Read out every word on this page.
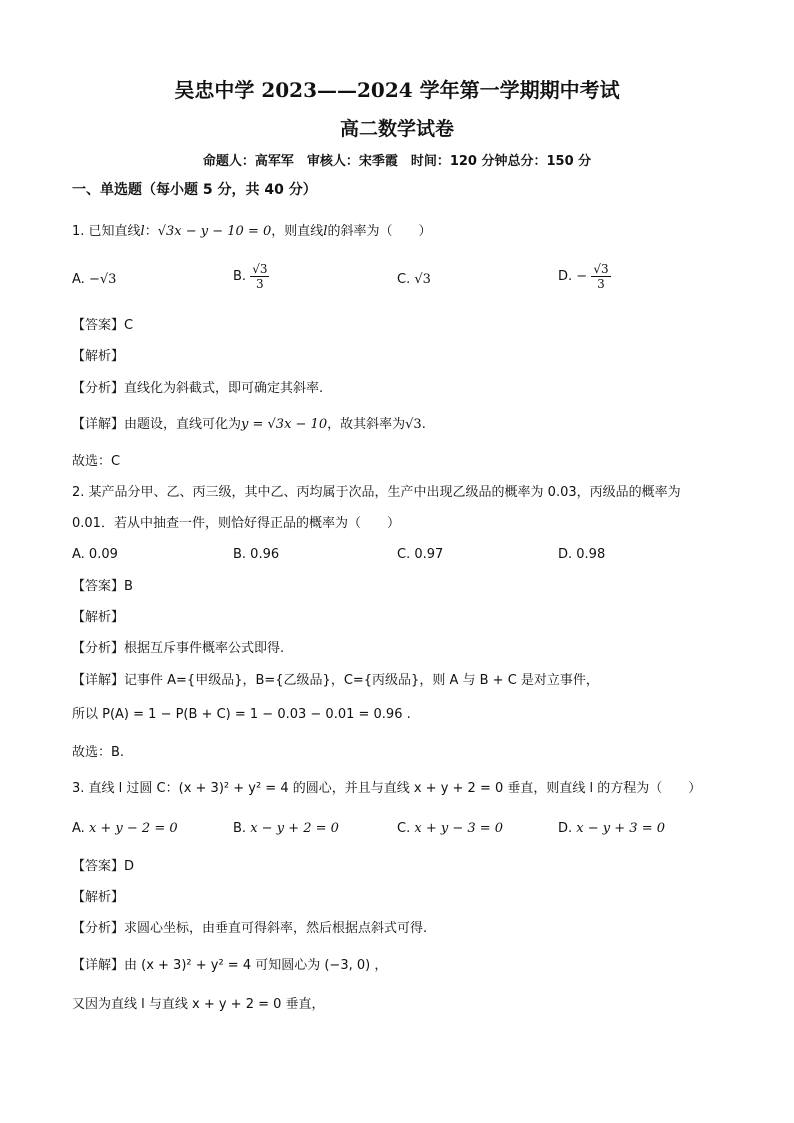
吴忠中学 2023——2024 学年第一学期期中考试
高二数学试卷
命题人：高军军　审核人：宋季霞　时间：120 分钟总分：150 分
一、单选题（每小题 5 分，共 40 分）
1. 已知直线l：√3x − y − 10 = 0，则直线l的斜率为（　　）
A. −√3	B. $\frac{√3}{3}$	C. √3	D. − $\frac{√3}{3}$
【答案】C
【解析】
【分析】直线化为斜截式，即可确定其斜率.
【详解】由题设，直线可化为y = √3x − 10，故其斜率为√3.
故选：C
2. 某产品分甲、乙、丙三级，其中乙、丙均属于次品，生产中出现乙级品的概率为 0.03，丙级品的概率为
0.01．若从中抽查一件，则恰好得正品的概率为（　　）
A. 0.09	B. 0.96	C. 0.97	D. 0.98
【答案】B
【解析】
【分析】根据互斥事件概率公式即得.
【详解】记事件 A={甲级品}，B={乙级品}，C={丙级品}，则 A 与 B + C 是对立事件，
所以 P(A) = 1 − P(B + C) = 1 − 0.03 − 0.01 = 0.96 .
故选：B.
3. 直线 l 过圆 C：(x + 3)² + y² = 4 的圆心，并且与直线 x + y + 2 = 0 垂直，则直线 l 的方程为（　　）
A. x + y − 2 = 0	B. x − y + 2 = 0	C. x + y − 3 = 0	D. x − y + 3 = 0
【答案】D
【解析】
【分析】求圆心坐标，由垂直可得斜率，然后根据点斜式可得.
【详解】由 (x + 3)² + y² = 4 可知圆心为 (−3, 0) ，
又因为直线 l 与直线 x + y + 2 = 0 垂直，
